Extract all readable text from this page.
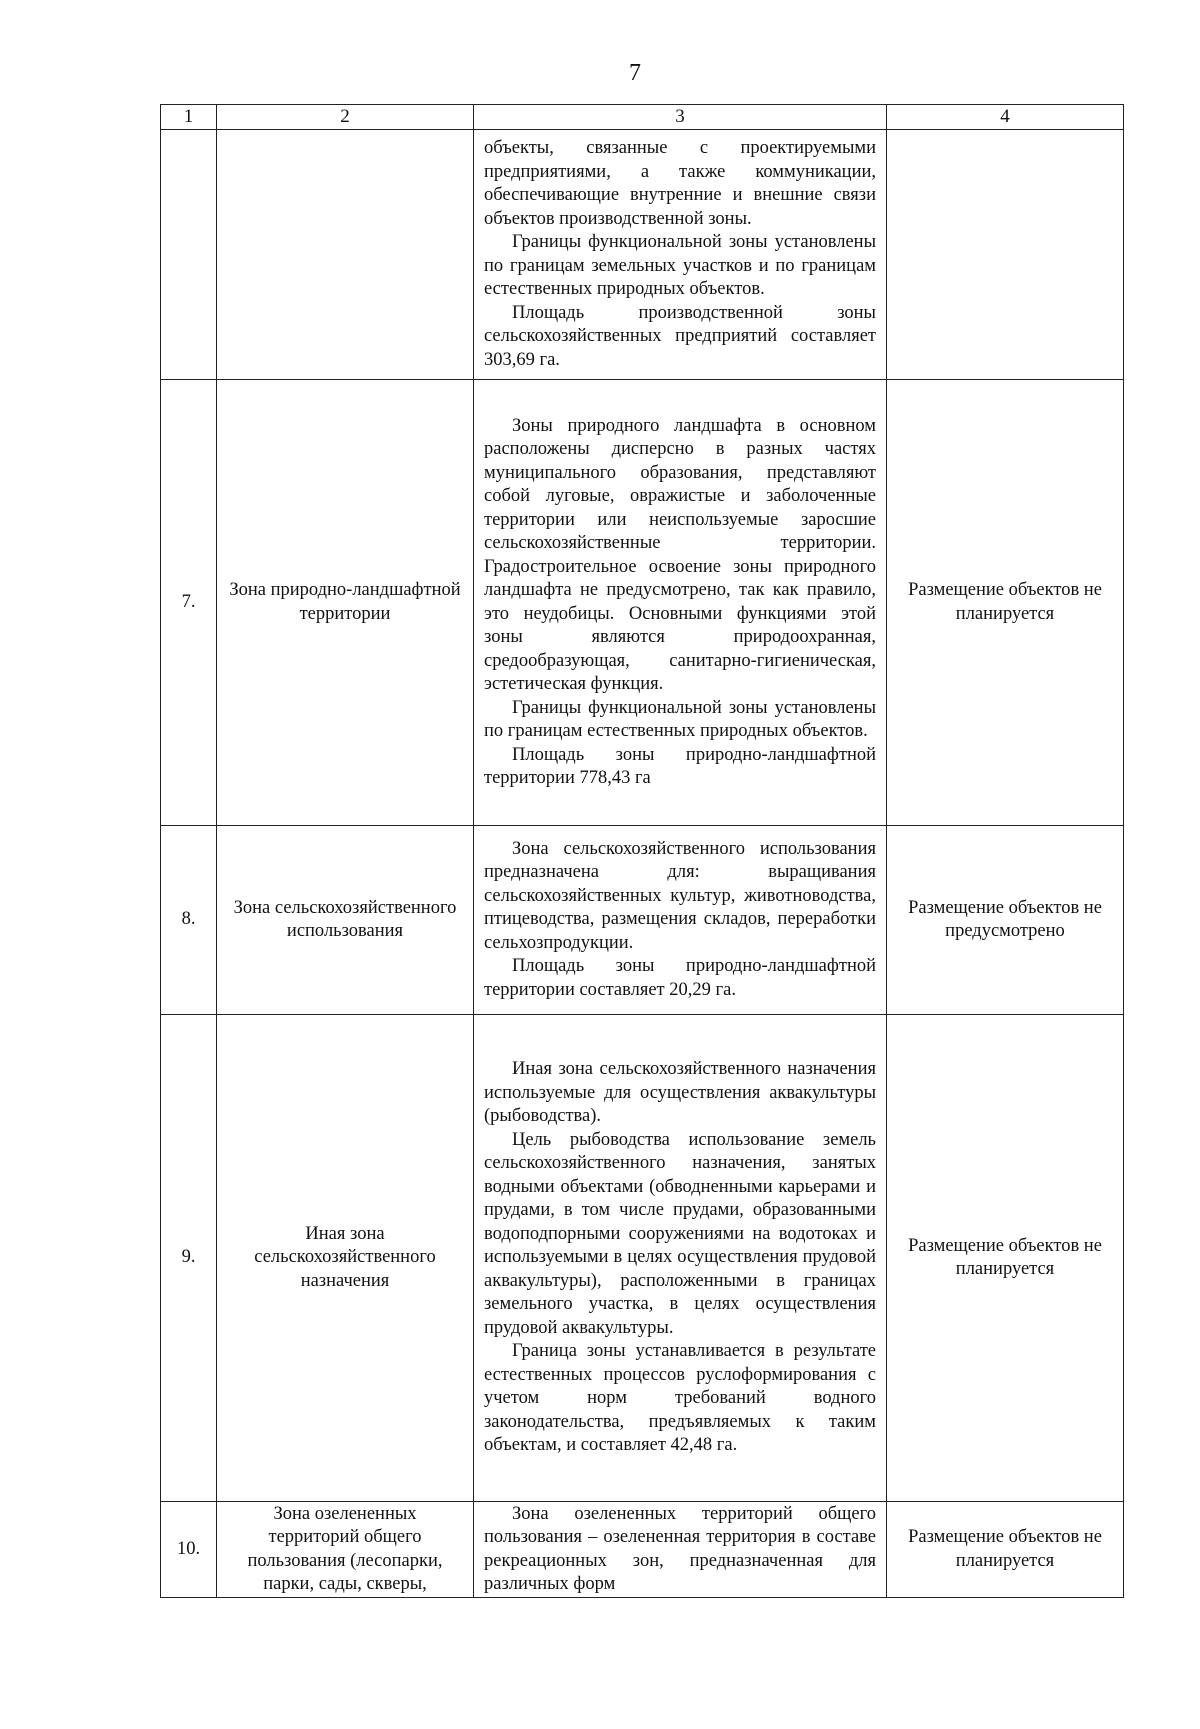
7
1	2	3	4

		объекты, связанные с проектируемыми предприятиями, а также коммуникации, обеспечивающие внутренние и внешние связи объектов производственной зоны.

Границы функциональной зоны установлены по границам земельных участков и по границам естественных природных объектов.

Площадь производственной зоны сельскохозяйственных предприятий составляет 303,69 га.	

7.	Зона природно-ландшафтной территории	Зоны природного ландшафта в основном расположены дисперсно в разных частях муниципального образования, представляют собой луговые, овражистые и заболоченные территории или неиспользуемые заросшие сельскохозяйственные территории. Градостроительное освоение зоны природного ландшафта не предусмотрено, так как правило, это неудобицы. Основными функциями этой зоны являются природоохранная, средообразующая, санитарно-гигиеническая, эстетическая функция.

Границы функциональной зоны установлены по границам естественных природных объектов.

Площадь зоны природно-ландшафтной территории 778,43 га	Размещение объектов не планируется
8.	Зона сельскохозяйственного использования	Зона сельскохозяйственного использования предназначена для: выращивания сельскохозяйственных культур, животноводства, птицеводства, размещения складов, переработки сельхозпродукции.

Площадь зоны природно-ландшафтной территории составляет 20,29 га.	Размещение объектов не предусмотрено
9.	Иная зона сельскохозяйственного назначения	Иная зона сельскохозяйственного назначения используемые для осуществления аквакультуры (рыбоводства).

Цель рыбоводства использование земель сельскохозяйственного назначения, занятых водными объектами (обводненными карьерами и прудами, в том числе прудами, образованными водоподпорными сооружениями на водотоках и используемыми в целях осуществления прудовой аквакультуры), расположенными в границах земельного участка, в целях осуществления прудовой аквакультуры.

Граница зоны устанавливается в результате естественных процессов руслоформирования с учетом норм требований водного законодательства, предъявляемых к таким объектам, и составляет 42,48 га.	Размещение объектов не планируется
10.	Зона озелененных территорий общего пользования (лесопарки, парки, сады, скверы,	Зона озелененных территорий общего пользования – озелененная территория в составе рекреационных зон, предназначенная для различных форм	Размещение объектов не планируется
